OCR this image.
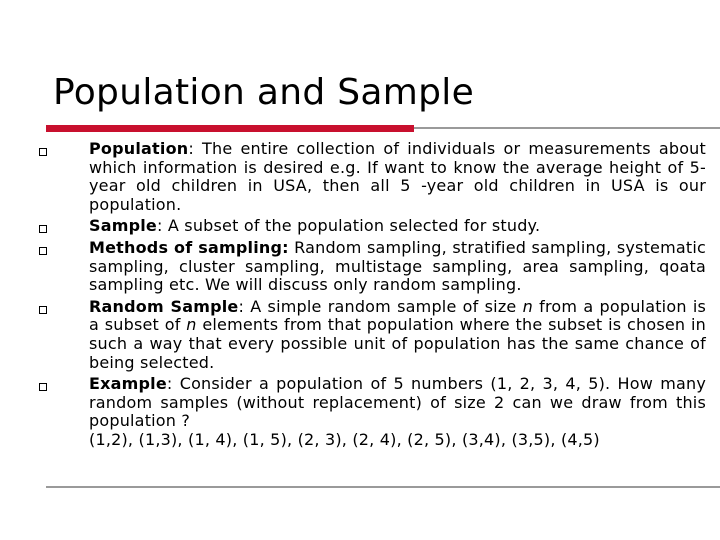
Population and Sample
Population: The entire collection of individuals or measurements about which information is desired e.g. If want to know the average height of 5-year old children in USA, then all 5 -year old children in USA is our population.
Sample: A subset of the population selected for study.
Methods of sampling: Random sampling, stratified sampling, systematic sampling, cluster sampling, multistage sampling, area sampling, qoata sampling etc. We will discuss only random sampling.
Random Sample: A simple random sample of size n from a population is a subset of n elements from that population where the subset is chosen in such a way that every possible unit of population has the same chance of being selected.
Example: Consider a population of 5 numbers (1, 2, 3, 4, 5). How many random samples (without replacement) of size 2 can we draw from this population ?
(1,2), (1,3), (1, 4), (1, 5), (2, 3), (2, 4), (2, 5), (3,4), (3,5), (4,5)
